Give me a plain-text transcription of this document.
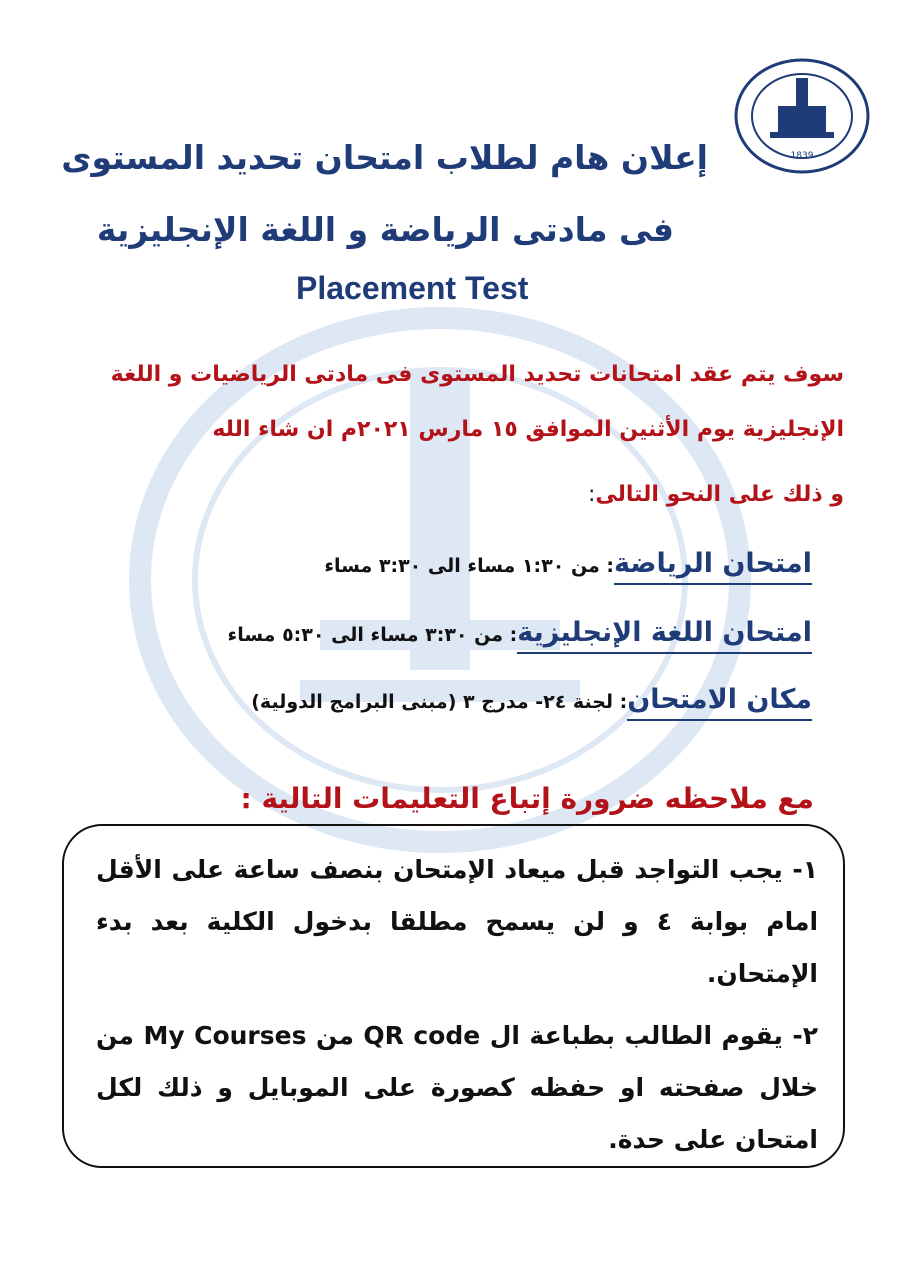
1839
إعلان هام لطلاب امتحان تحديد المستوى
فى مادتى الرياضة و اللغة الإنجليزية
Placement Test
سوف يتم عقد امتحانات تحديد المستوى فى مادتى الرياضيات و اللغة
الإنجليزية يوم الأثنين الموافق ١٥ مارس ٢٠٢١م ان شاء الله
و ذلك على النحو التالى:
امتحان الرياضة: من ١:٣٠ مساء الى ٣:٣٠ مساء
امتحان اللغة الإنجليزية: من ٣:٣٠ مساء الى ٥:٣٠ مساء
مكان الامتحان: لجنة ٢٤- مدرج ٣ (مبنى البرامج الدولية)
مع ملاحظه ضرورة إتباع التعليمات التالية :
١- يجب التواجد قبل ميعاد الإمتحان بنصف ساعة على الأقل امام بوابة ٤ و لن يسمح مطلقا بدخول الكلية بعد بدء الإمتحان.
٢- يقوم الطالب بطباعة ال QR code من My Courses من خلال صفحته او حفظه كصورة على الموبايل و ذلك لكل امتحان على حدة.
